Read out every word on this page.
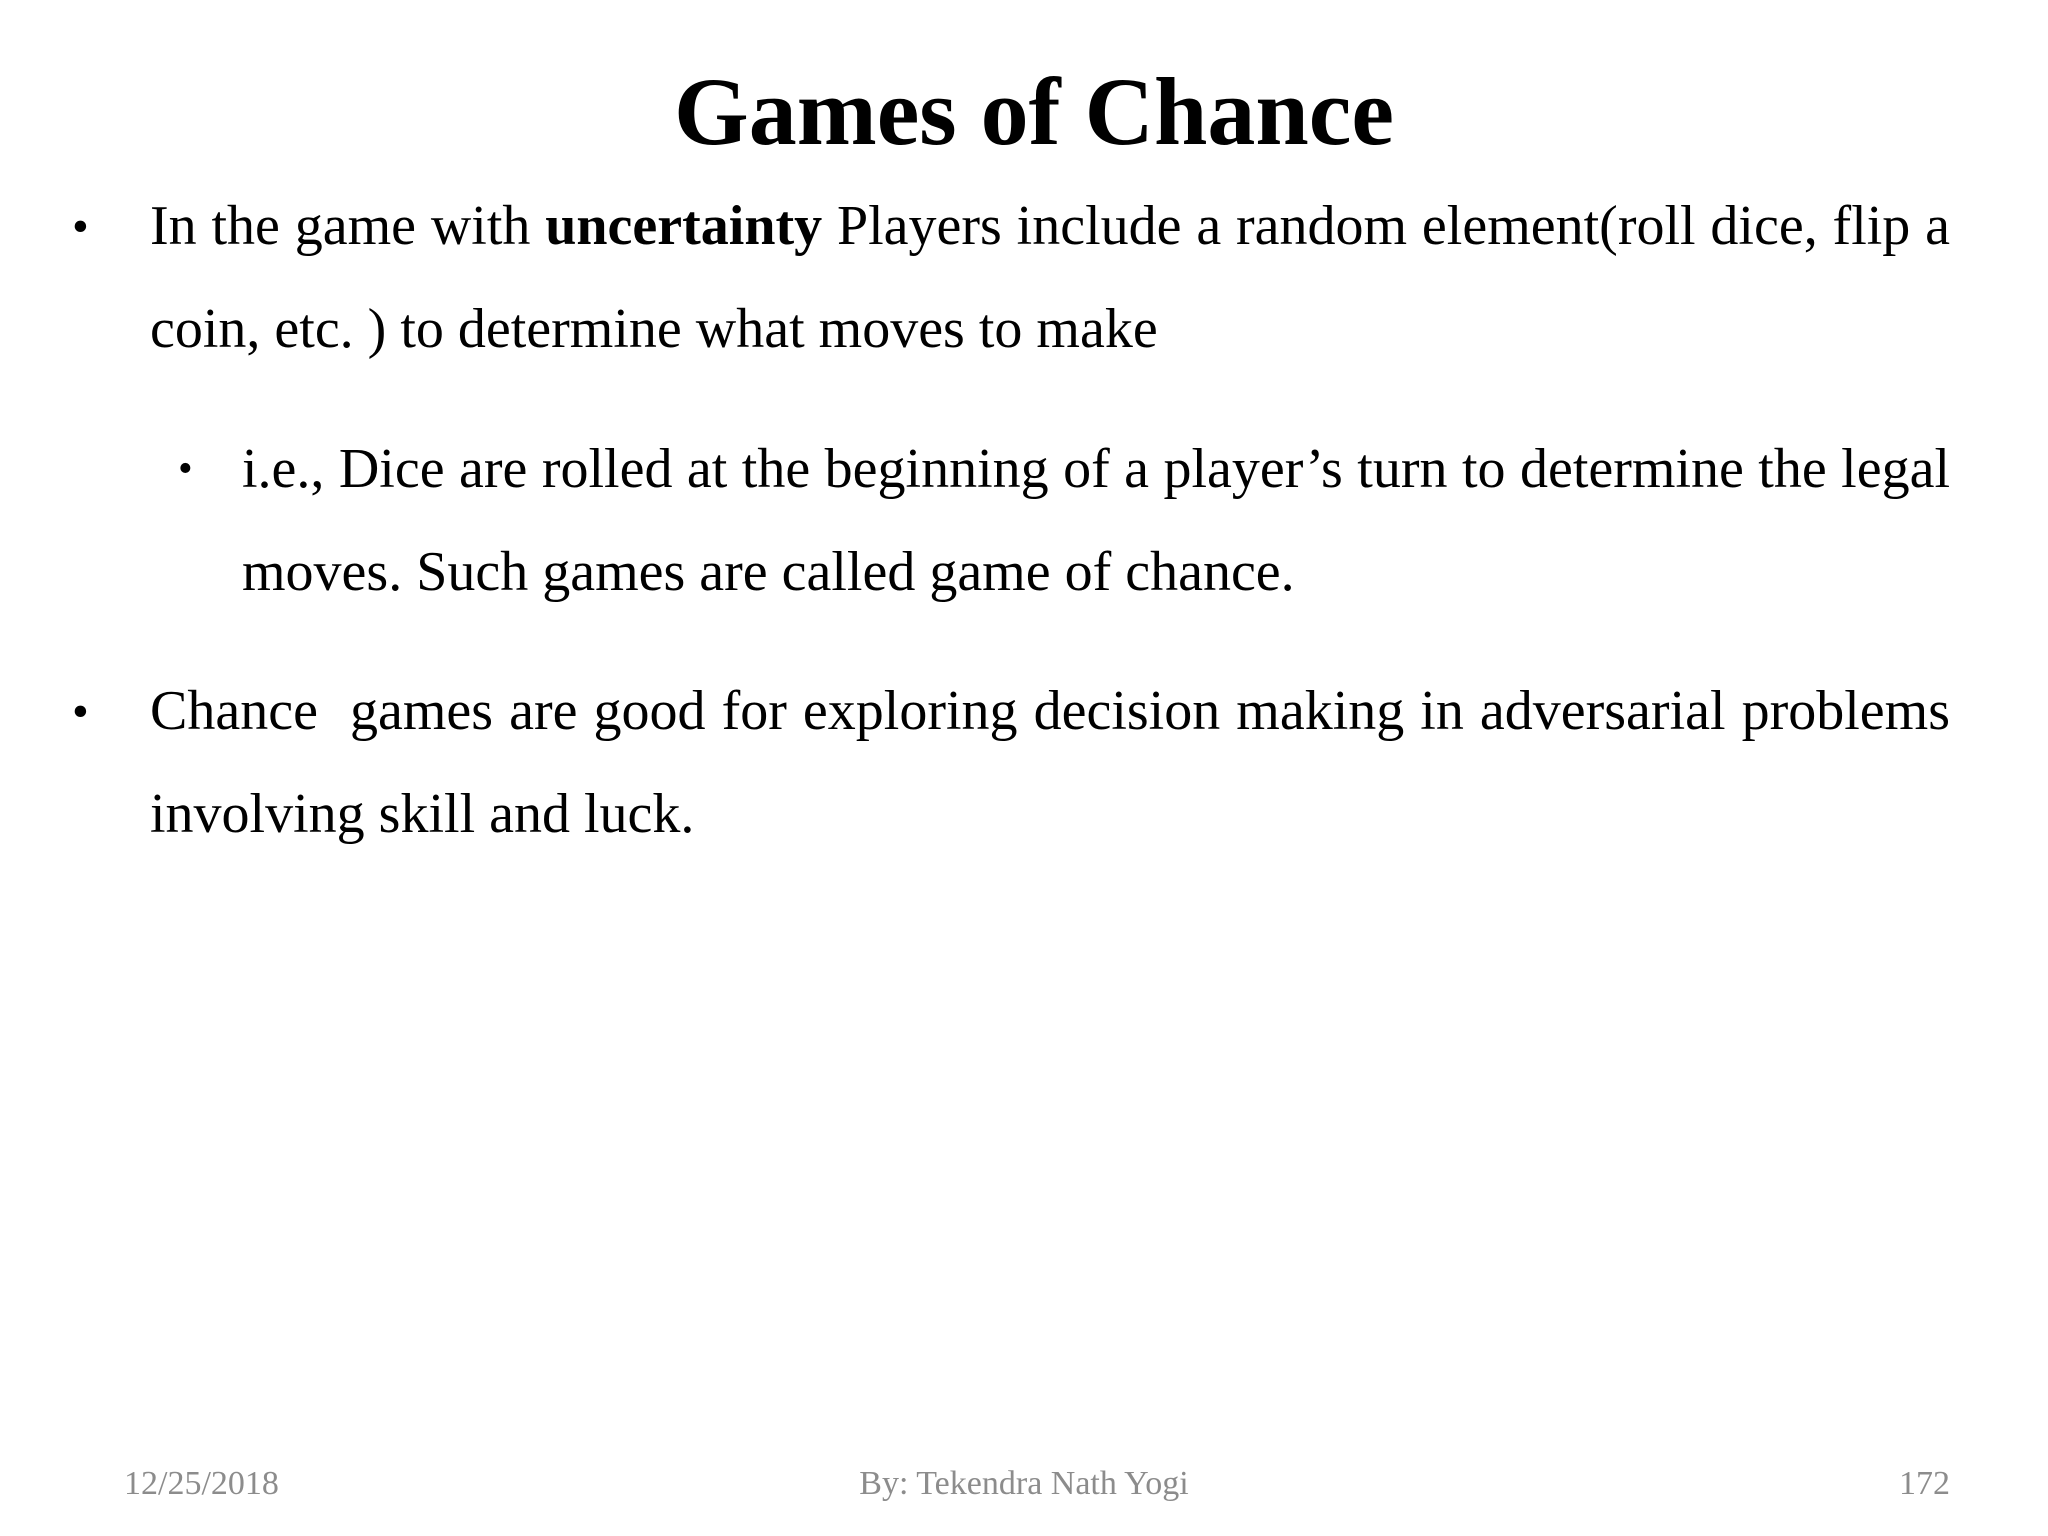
Games of Chance
• In the game with uncertainty Players include a random element(roll dice, flip a coin, etc. ) to determine what moves to make
• i.e., Dice are rolled at the beginning of a player’s turn to determine the legal moves. Such games are called game of chance.
• Chance  games are good for exploring decision making in adversarial problems involving skill and luck.
By: Tekendra Nath Yogi
12/25/2018	172
